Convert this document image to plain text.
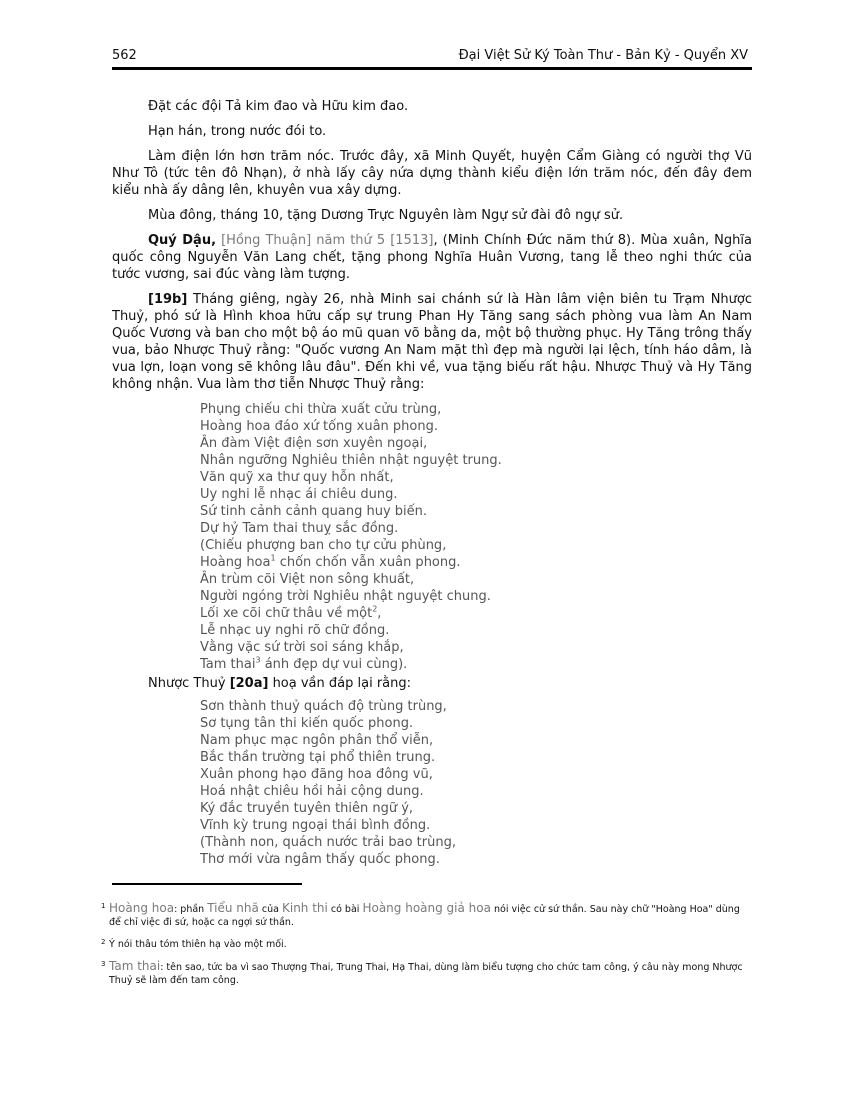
562	Đại Việt Sử Ký Toàn Thư - Bản Kỷ - Quyển XV

Đặt các đội Tả kim đao và Hữu kim đao.

Hạn hán, trong nước đói to.

Làm điện lớn hơn trăm nóc. Trước đây, xã Minh Quyết, huyện Cẩm Giàng có người thợ Vũ Như Tô (tức tên đô Nhạn), ở nhà lấy cây nứa dựng thành kiểu điện lớn trăm nóc, đến đây đem kiểu nhà ấy dâng lên, khuyên vua xây dựng.

Mùa đông, tháng 10, tặng Dương Trực Nguyên làm Ngự sử đài đô ngự sử.

Quý Dậu, [Hồng Thuận] năm thứ 5 [1513], (Minh Chính Đức năm thứ 8). Mùa xuân, Nghĩa quốc công Nguyễn Văn Lang chết, tặng phong Nghĩa Huân Vương, tang lễ theo nghi thức của tước vương, sai đúc vàng làm tượng.

[19b] Tháng giêng, ngày 26, nhà Minh sai chánh sứ là Hàn lâm viện biên tu Trạm Nhược Thuỷ, phó sứ là Hình khoa hữu cấp sự trung Phan Hy Tăng sang sách phòng vua làm An Nam Quốc Vương và ban cho một bộ áo mũ quan võ bằng da, một bộ thường phục. Hy Tăng trông thấy vua, bảo Nhược Thuỷ rằng: "Quốc vương An Nam mặt thì đẹp mà người lại lệch, tính háo dâm, là vua lợn, loạn vong sẽ không lâu đâu". Đến khi về, vua tặng biếu rất hậu. Nhược Thuỷ và Hy Tăng không nhận. Vua làm thơ tiễn Nhược Thuỷ rằng:

Phụng chiếu chi thừa xuất cửu trùng,
Hoàng hoa đáo xứ tống xuân phong.
Ân đàm Việt điện sơn xuyên ngoại,
Nhân ngưỡng Nghiêu thiên nhật nguyệt trung.
Văn quỹ xa thư quy hỗn nhất,
Uy nghi lễ nhạc ái chiêu dung.
Sứ tinh cảnh cảnh quang huy biến.
Dự hỷ Tam thai thuỵ sắc đồng.
(Chiếu phượng ban cho tự cửu phùng,
Hoàng hoa$^1$ chốn chốn vẫn xuân phong.
Ân trùm cõi Việt non sông khuất,
Người ngóng trời Nghiêu nhật nguyệt chung.
Lối xe cõi chữ thâu về một$^2$,
Lễ nhạc uy nghi rõ chữ đồng.
Vằng vặc sứ trời soi sáng khắp,
Tam thai$^3$ ánh đẹp dự vui cùng).

Nhược Thuỷ [20a] hoạ vần đáp lại rằng:

Sơn thành thuỷ quách độ trùng trùng,
Sơ tụng tân thi kiến quốc phong.
Nam phục mạc ngôn phân thổ viễn,
Bắc thần trường tại phổ thiên trung.
Xuân phong hạo đãng hoa đông vũ,
Hoá nhật chiêu hồi hải cộng dung.
Ký đắc truyền tuyên thiên ngữ ý,
Vĩnh kỳ trung ngoại thái bình đồng.
(Thành non, quách nước trải bao trùng,
Thơ mới vừa ngâm thấy quốc phong.
1 Hoàng hoa: phần Tiểu nhã của Kinh thi có bài Hoàng hoàng giả hoa nói việc cử sứ thần. Sau này chữ "Hoàng Hoa" dùng để chỉ việc đi sứ, hoặc ca ngợi sứ thần.
2 Ý nói thâu tóm thiên hạ vào một mối.
3 Tam thai: tên sao, tức ba vì sao Thượng Thai, Trung Thai, Hạ Thai, dùng làm biểu tượng cho chức tam công, ý câu này mong Nhược Thuỷ sẽ làm đến tam công.
